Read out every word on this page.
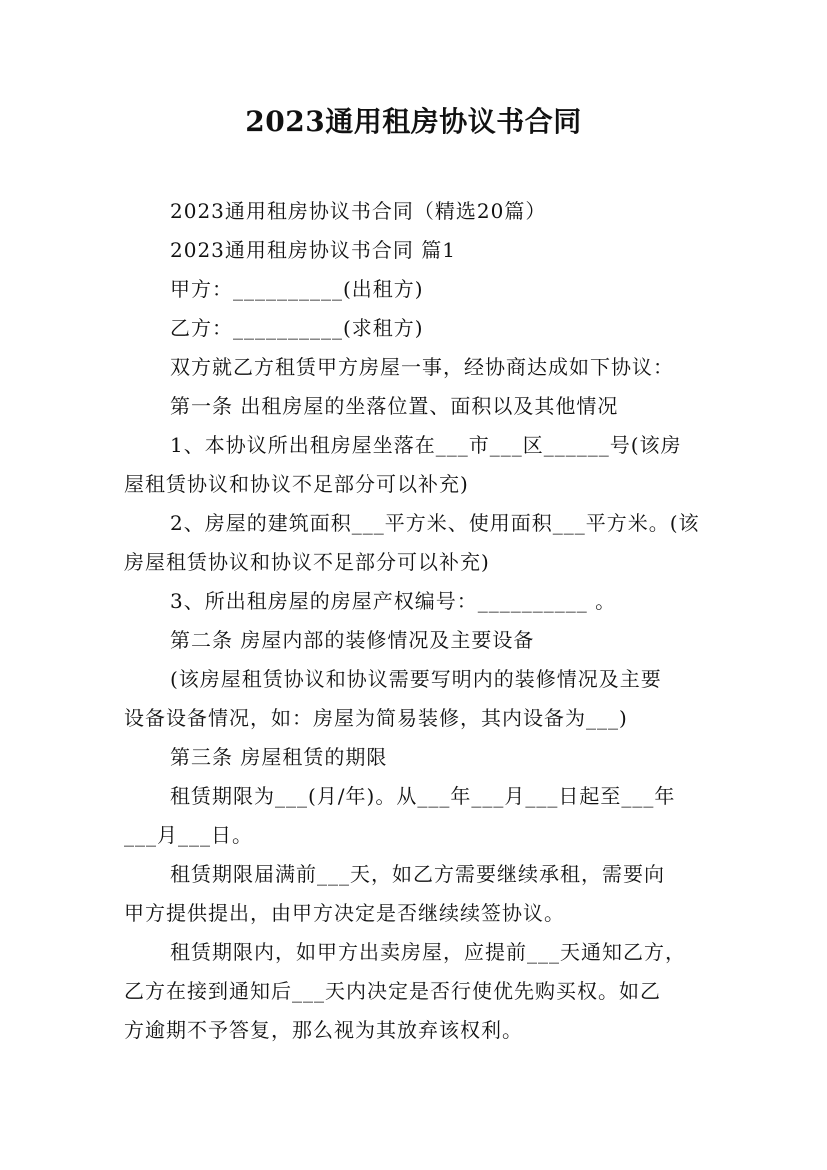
2023通用租房协议书合同
2023通用租房协议书合同（精选20篇）
2023通用租房协议书合同 篇1
甲方：__________(出租方)
乙方：__________(求租方)
双方就乙方租赁甲方房屋一事，经协商达成如下协议：
第一条 出租房屋的坐落位置、面积以及其他情况
1、本协议所出租房屋坐落在___市___区______号(该房
屋租赁协议和协议不足部分可以补充)
2、房屋的建筑面积___平方米、使用面积___平方米。(该
房屋租赁协议和协议不足部分可以补充)
3、所出租房屋的房屋产权编号：__________ 。
第二条 房屋内部的装修情况及主要设备
(该房屋租赁协议和协议需要写明内的装修情况及主要
设备设备情况，如：房屋为简易装修，其内设备为___)
第三条 房屋租赁的期限
租赁期限为___(月/年)。从___年___月___日起至___年
___月___日。
租赁期限届满前___天，如乙方需要继续承租，需要向
甲方提供提出，由甲方决定是否继续续签协议。
租赁期限内，如甲方出卖房屋，应提前___天通知乙方，
乙方在接到通知后___天内决定是否行使优先购买权。如乙
方逾期不予答复，那么视为其放弃该权利。
